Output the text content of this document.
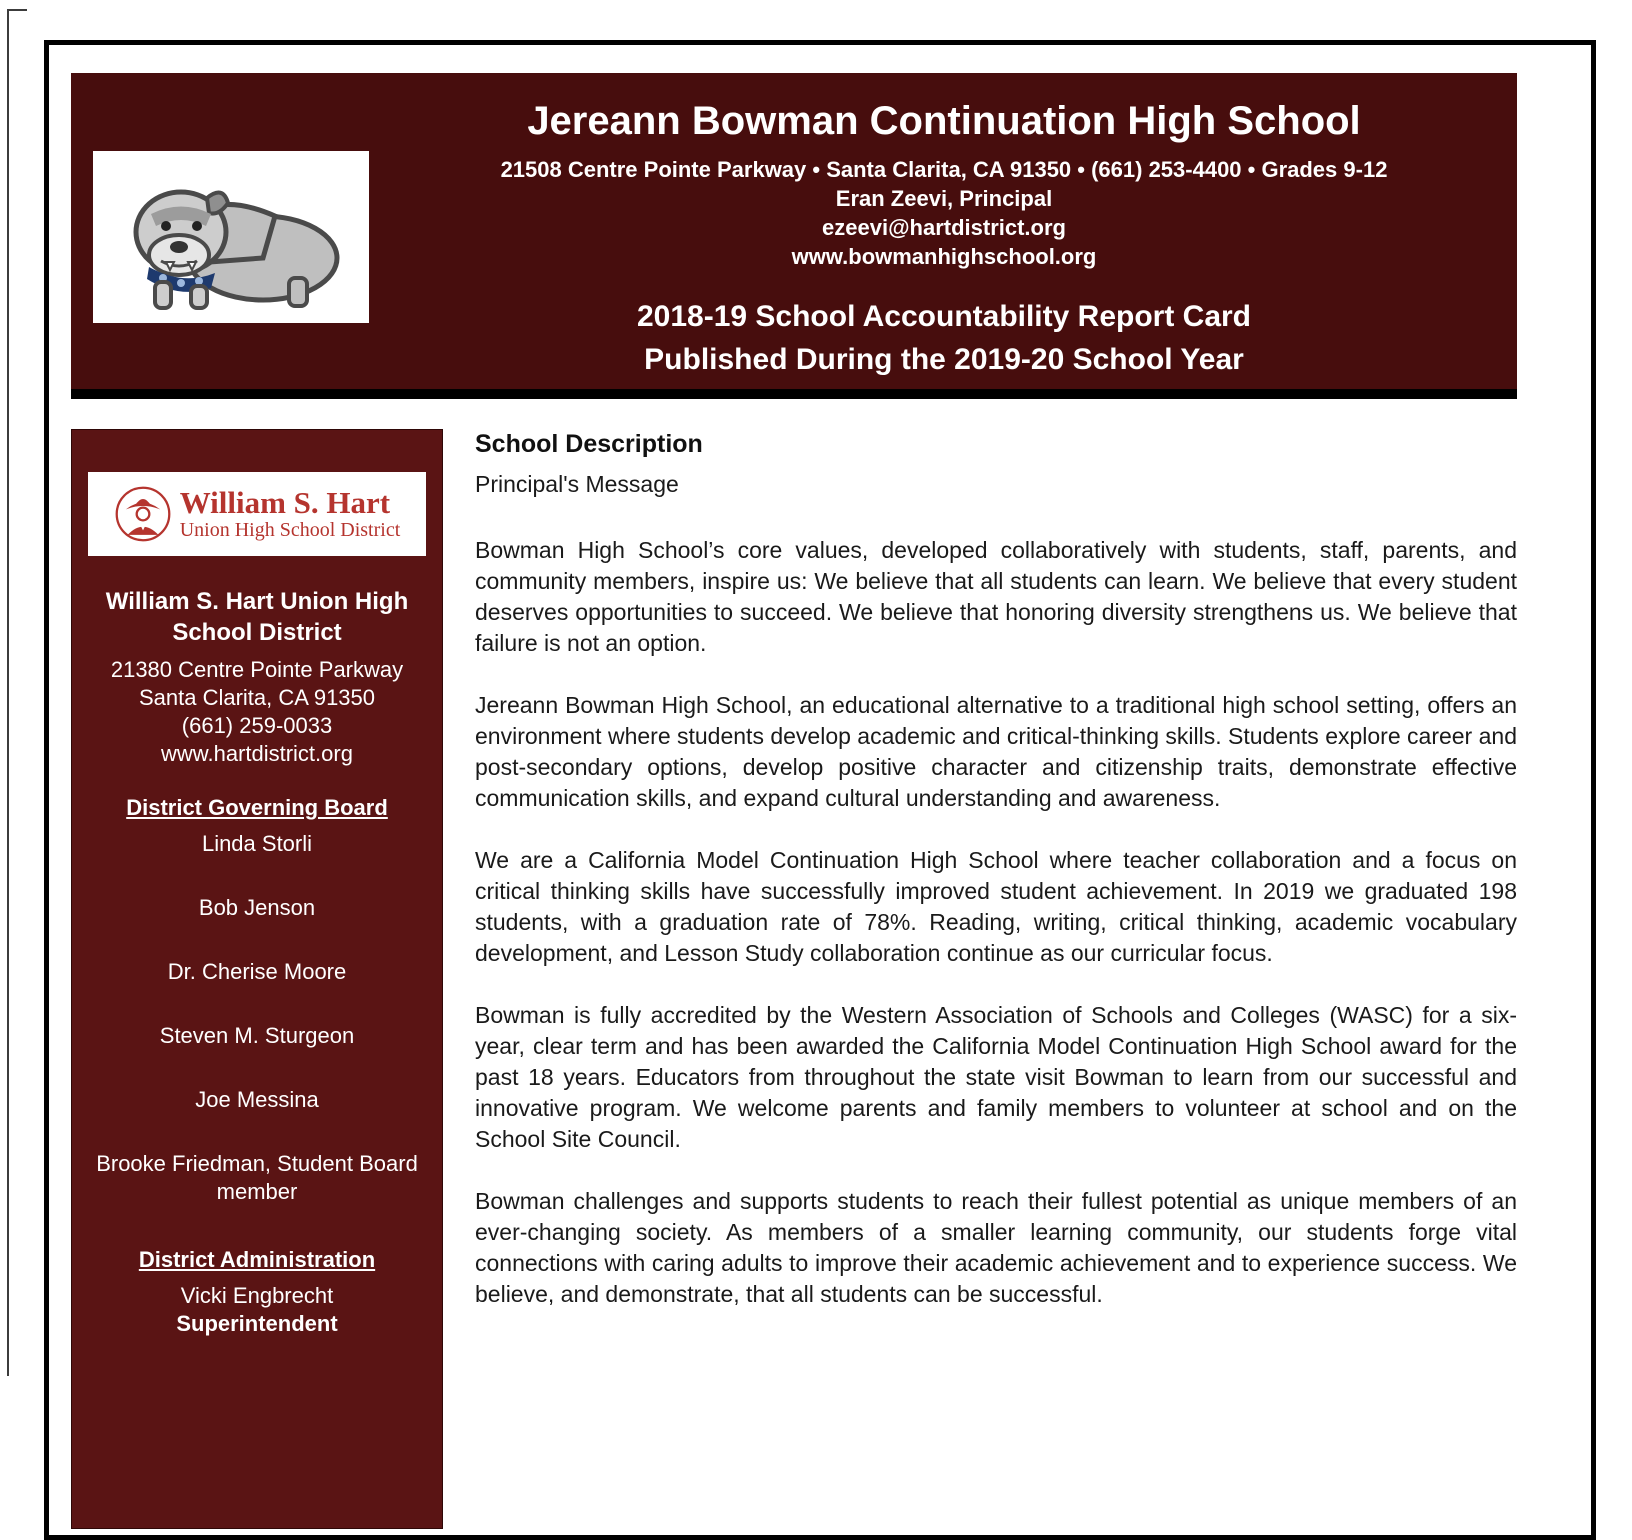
Jereann Bowman Continuation High School
21508 Centre Pointe Parkway • Santa Clarita, CA 91350 • (661) 253-4400 • Grades 9-12
Eran Zeevi, Principal
ezeevi@hartdistrict.org
www.bowmanhighschool.org
2018-19 School Accountability Report Card
Published During the 2019-20 School Year
William S. Hart
Union High School District
William S. Hart Union High School District
21380 Centre Pointe Parkway
Santa Clarita, CA 91350
(661) 259-0033
www.hartdistrict.org
District Governing Board
Linda Storli
Bob Jenson
Dr. Cherise Moore
Steven M. Sturgeon
Joe Messina
Brooke Friedman, Student Board member
District Administration
Vicki Engbrecht
Superintendent
School Description
Principal's Message

Bowman High School’s core values, developed collaboratively with students, staff, parents, and community members, inspire us: We believe that all students can learn. We believe that every student deserves opportunities to succeed. We believe that honoring diversity strengthens us. We believe that failure is not an option.

Jereann Bowman High School, an educational alternative to a traditional high school setting, offers an environment where students develop academic and critical-thinking skills. Students explore career and post-secondary options, develop positive character and citizenship traits, demonstrate effective communication skills, and expand cultural understanding and awareness.

We are a California Model Continuation High School where teacher collaboration and a focus on critical thinking skills have successfully improved student achievement. In 2019 we graduated 198 students, with a graduation rate of 78%. Reading, writing, critical thinking, academic vocabulary development, and Lesson Study collaboration continue as our curricular focus.

Bowman is fully accredited by the Western Association of Schools and Colleges (WASC) for a six-year, clear term and has been awarded the California Model Continuation High School award for the past 18 years. Educators from throughout the state visit Bowman to learn from our successful and innovative program. We welcome parents and family members to volunteer at school and on the School Site Council.

Bowman challenges and supports students to reach their fullest potential as unique members of an ever-changing society. As members of a smaller learning community, our students forge vital connections with caring adults to improve their academic achievement and to experience success. We believe, and demonstrate, that all students can be successful.
